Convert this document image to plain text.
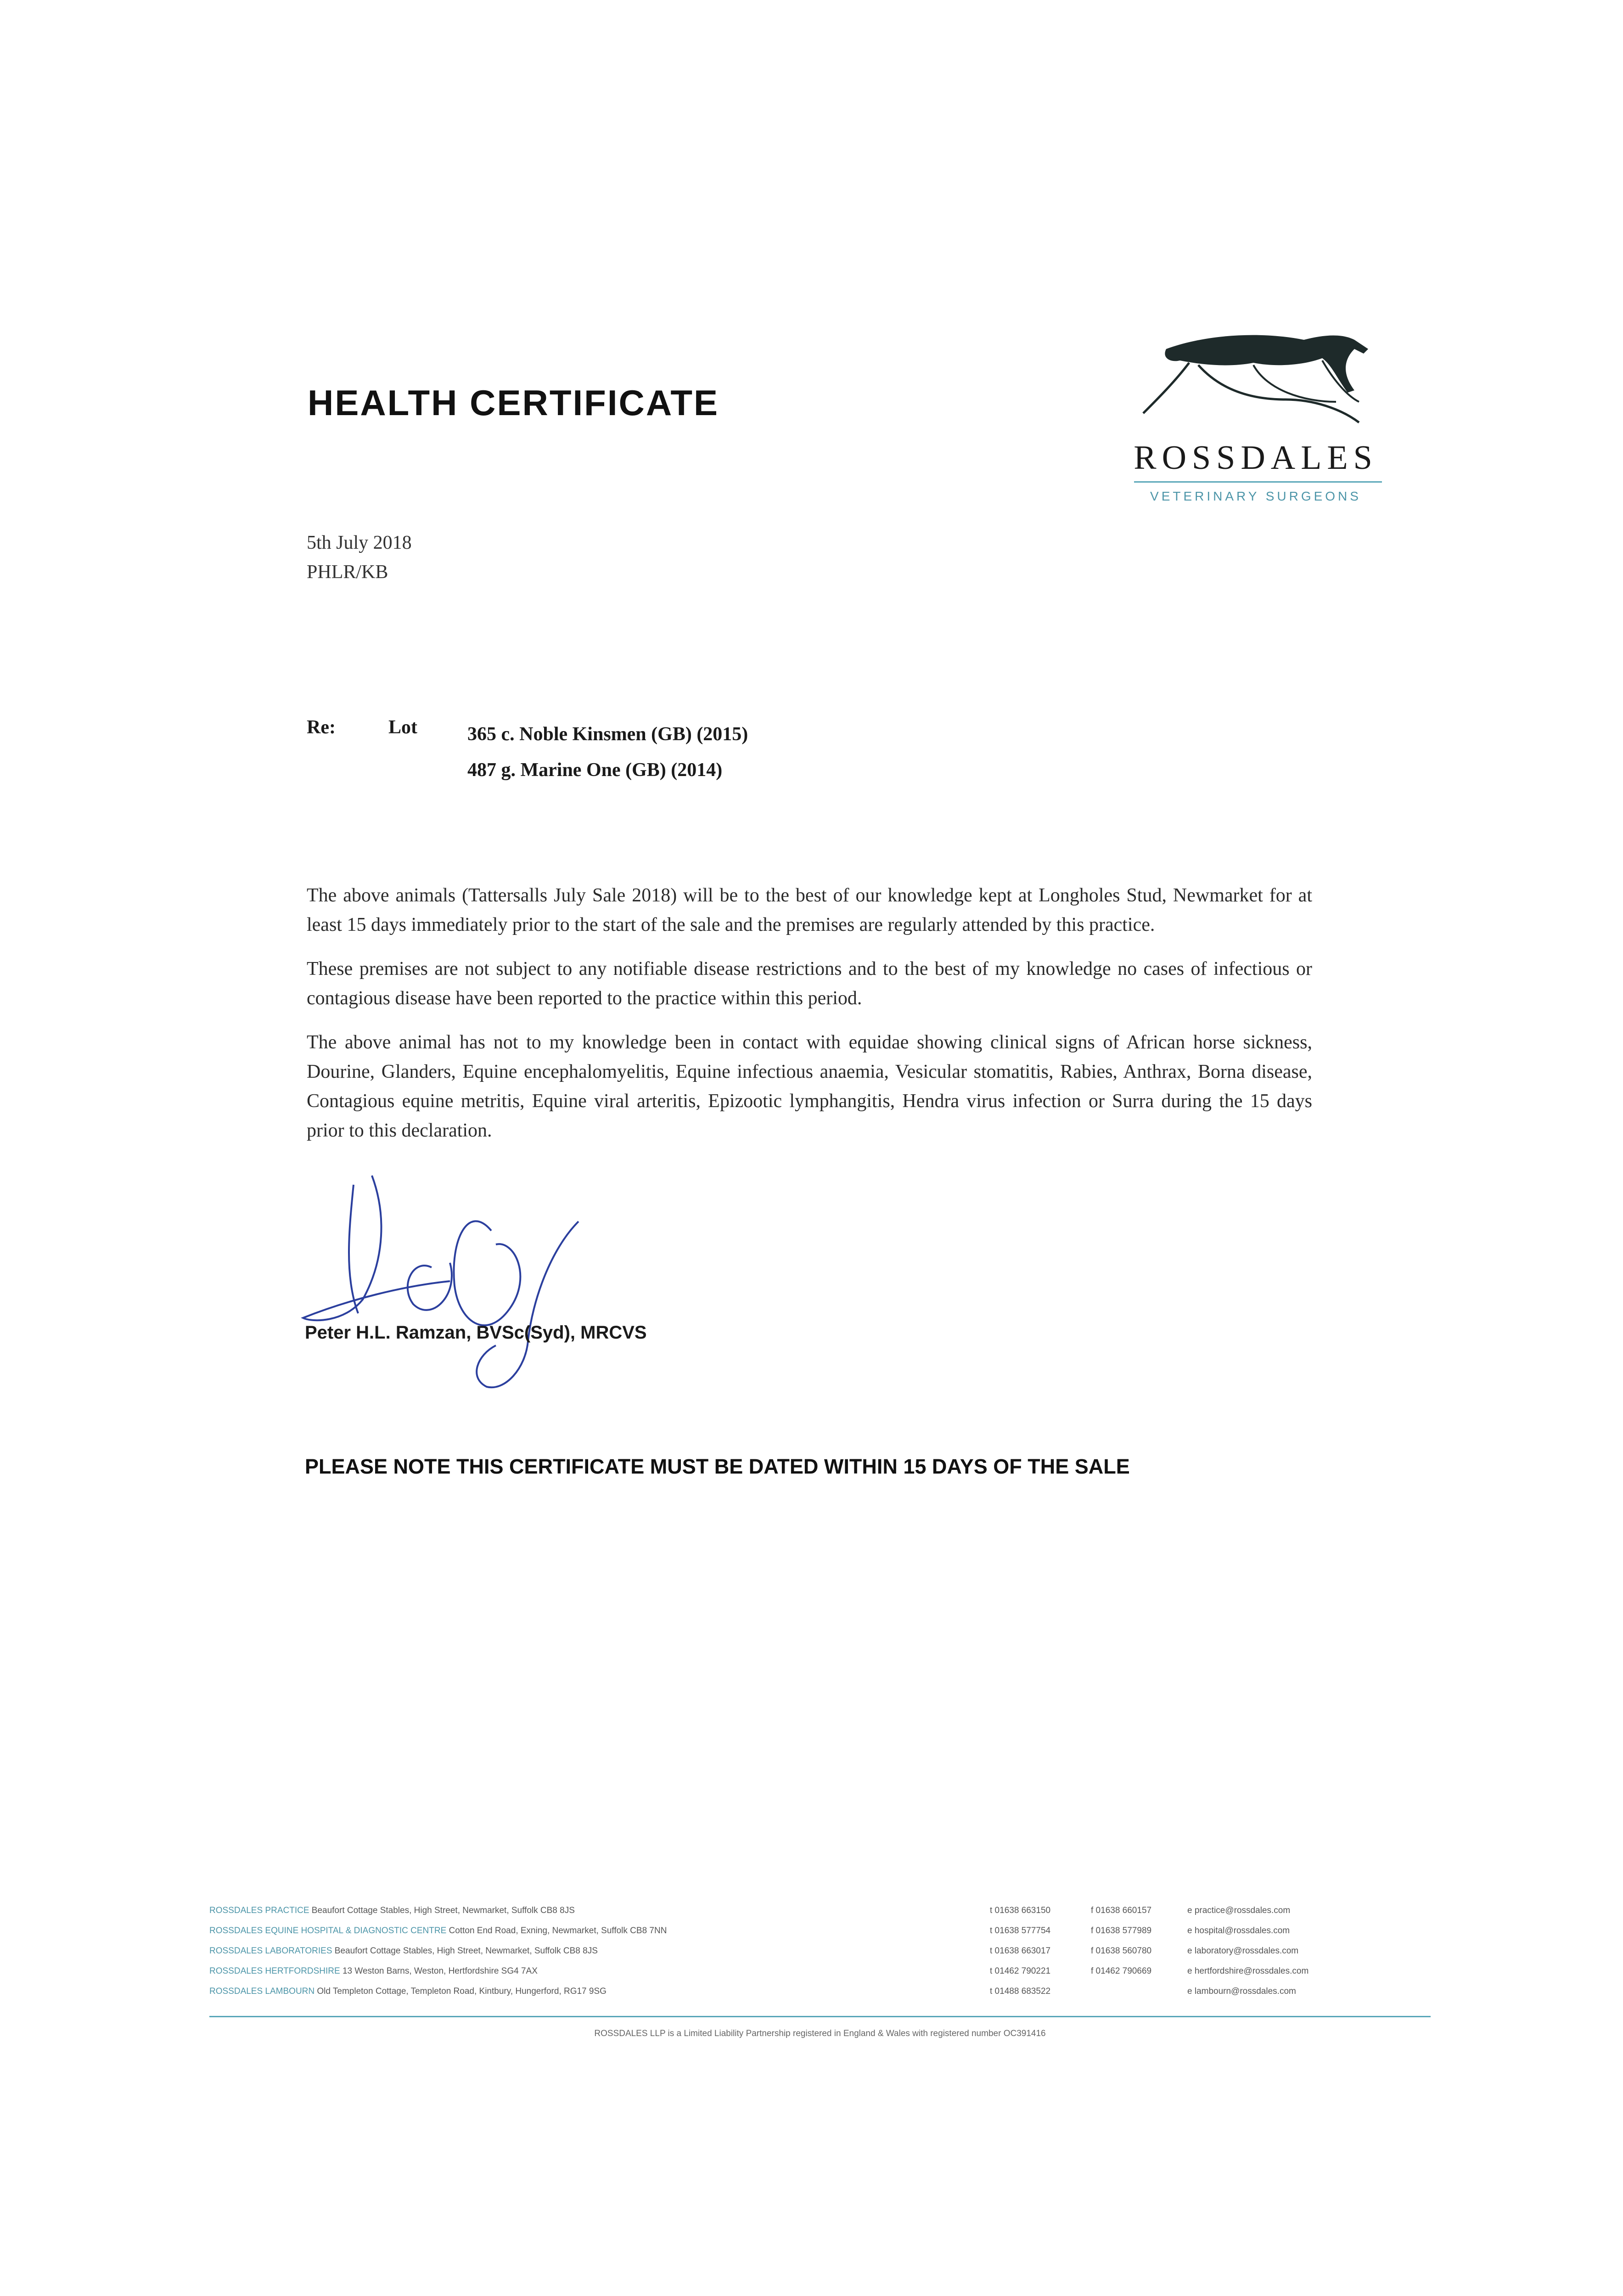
HEALTH CERTIFICATE
ROSSDALES
VETERINARY SURGEONS
5th July 2018
PHLR/KB
Re:	Lot	365 c. Noble Kinsmen (GB) (2015)
487 g. Marine One (GB) (2014)

The above animals (Tattersalls July Sale 2018) will be to the best of our knowledge kept at Longholes Stud, Newmarket for at least 15 days immediately prior to the start of the sale and the premises are regularly attended by this practice.

These premises are not subject to any notifiable disease restrictions and to the best of my knowledge no cases of infectious or contagious disease have been reported to the practice within this period.

The above animal has not to my knowledge been in contact with equidae showing clinical signs of African horse sickness, Dourine, Glanders, Equine encephalomyelitis, Equine infectious anaemia, Vesicular stomatitis, Rabies, Anthrax, Borna disease, Contagious equine metritis, Equine viral arteritis, Epizootic lymphangitis, Hendra virus infection or Surra during the 15 days prior to this declaration.

Peter H.L. Ramzan, BVSc(Syd), MRCVS
PLEASE NOTE THIS CERTIFICATE MUST BE DATED WITHIN 15 DAYS OF THE SALE
ROSSDALES PRACTICE Beaufort Cottage Stables, High Street, Newmarket, Suffolk CB8 8JS	t 01638 663150	f 01638 660157	e practice@rossdales.com
ROSSDALES EQUINE HOSPITAL & DIAGNOSTIC CENTRE Cotton End Road, Exning, Newmarket, Suffolk CB8 7NN	t 01638 577754	f 01638 577989	e hospital@rossdales.com
ROSSDALES LABORATORIES Beaufort Cottage Stables, High Street, Newmarket, Suffolk CB8 8JS	t 01638 663017	f 01638 560780	e laboratory@rossdales.com
ROSSDALES HERTFORDSHIRE 13 Weston Barns, Weston, Hertfordshire SG4 7AX	t 01462 790221	f 01462 790669	e hertfordshire@rossdales.com
ROSSDALES LAMBOURN Old Templeton Cottage, Templeton Road, Kintbury, Hungerford, RG17 9SG	t 01488 683522	e lambourn@rossdales.com
ROSSDALES LLP is a Limited Liability Partnership registered in England & Wales with registered number OC391416
